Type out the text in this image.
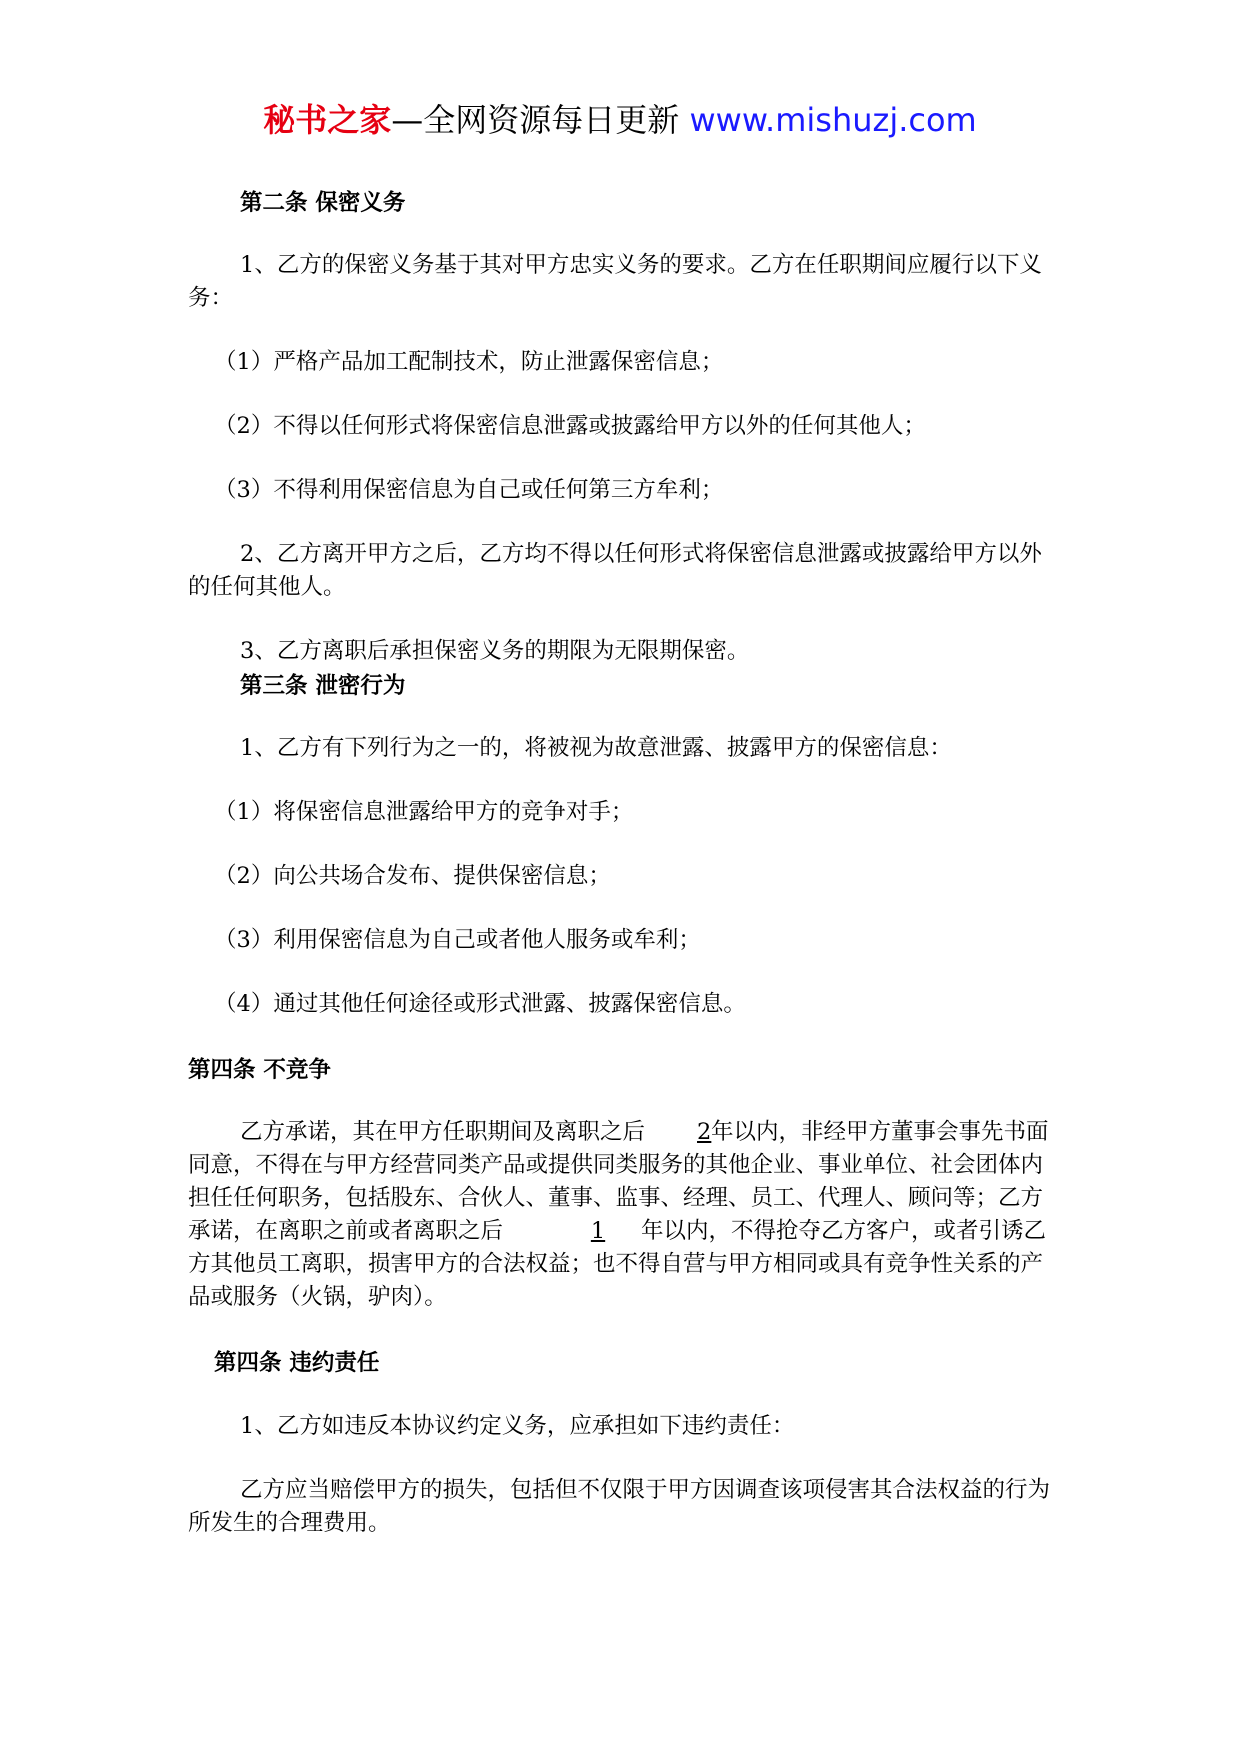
秘书之家—全网资源每日更新 www.mishuzj.com
第二条 保密义务

1、乙方的保密义务基于其对甲方忠实义务的要求。乙方在任职期间应履行以下义务：

（1）严格产品加工配制技术，防止泄露保密信息；

（2）不得以任何形式将保密信息泄露或披露给甲方以外的任何其他人；

（3）不得利用保密信息为自己或任何第三方牟利；

2、乙方离开甲方之后，乙方均不得以任何形式将保密信息泄露或披露给甲方以外的任何其他人。

3、乙方离职后承担保密义务的期限为无限期保密。

第三条 泄密行为

1、乙方有下列行为之一的，将被视为故意泄露、披露甲方的保密信息：

（1）将保密信息泄露给甲方的竞争对手；

（2）向公共场合发布、提供保密信息；

（3）利用保密信息为自己或者他人服务或牟利；

（4）通过其他任何途径或形式泄露、披露保密信息。

第四条 不竞争

乙方承诺，其在甲方任职期间及离职之后 2年以内，非经甲方董事会事先书面同意，不得在与甲方经营同类产品或提供同类服务的其他企业、事业单位、社会团体内担任任何职务，包括股东、合伙人、董事、监事、经理、员工、代理人、顾问等；乙方承诺，在离职之前或者离职之后	1 年以内，不得抢夺乙方客户，或者引诱乙方其他员工离职，损害甲方的合法权益；也不得自营与甲方相同或具有竞争性关系的产品或服务（火锅，驴肉）。

第四条 违约责任

1、乙方如违反本协议约定义务，应承担如下违约责任：

乙方应当赔偿甲方的损失，包括但不仅限于甲方因调查该项侵害其合法权益的行为所发生的合理费用。
